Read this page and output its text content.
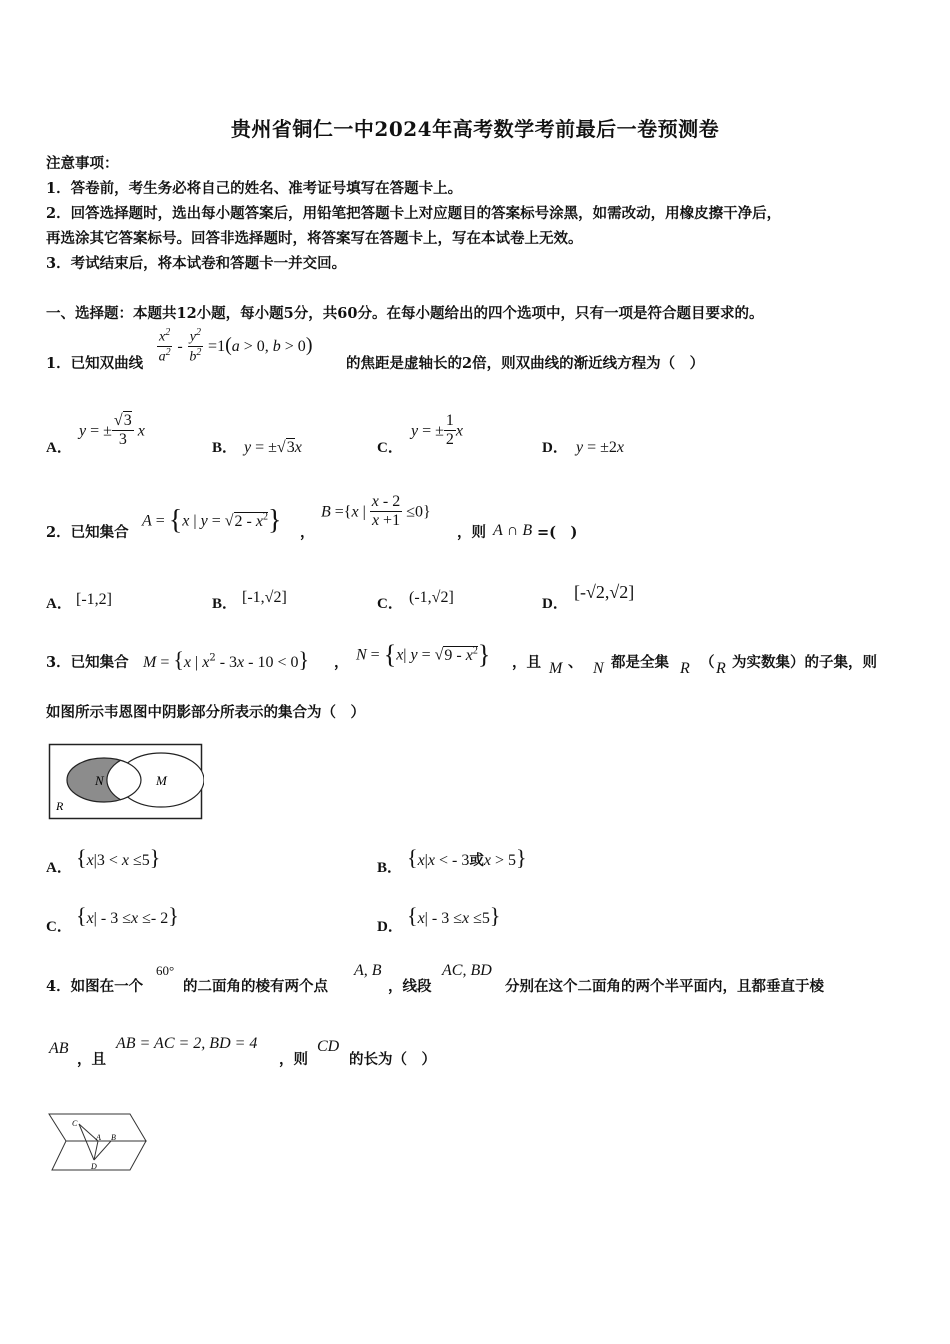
贵州省铜仁一中2024年高考数学考前最后一卷预测卷
注意事项：
1．答卷前，考生务必将自己的姓名、准考证号填写在答题卡上。
2．回答选择题时，选出每小题答案后，用铅笔把答题卡上对应题目的答案标号涂黑，如需改动，用橡皮擦干净后，
再选涂其它答案标号。回答非选择题时，将答案写在答题卡上，写在本试卷上无效。
3．考试结束后，将本试卷和答题卡一并交回。
一、选择题：本题共12小题，每小题5分，共60分。在每小题给出的四个选项中，只有一项是符合题目要求的。
1．已知双曲线 $\frac{x^2}{a^2} - \frac{y^2}{b^2} =1(a > 0$, b > 0)
的焦距是虚轴长的2倍，则双曲线的渐近线方程为（　）
A．
y = ± $\frac{√3}{3}$ x
B． y = ±√3x	C．
y = ± $\frac{1}{2}$ x
D． y = ±2x
2．已知集合
A = {x | $y = √2 - x^2$} ，
B ={x | $\frac{x - 2}{x +1} \le 0$}
，则 A ∩ B =(　)
A． [-1,2]	B． [-1,√2]	C． (-1,√2]	D．
[-√2,√2]
3．已知集合 M = {x | $x^2 - 3x - 10 < 0$} ， N = {x| $y = √9 - x^2$} ，且 M 、 N 都是全集 R （ R 为实数集）的子集，则
如图所示韦恩图中阴影部分所表示的集合为（　）
N	M
R
A． {x|3 < x ≤5}	B． {x|x < - 3或x > 5}
C． {x| - 3 ≤x ≤- 2}	D． {x| - 3 ≤x ≤5}
4．如图在一个
60°
的二面角的棱有两个点
A, B
，线段
AC, BD
分别在这个二面角的两个半平面内，且都垂直于棱
AB
，且
AB = AC = 2, BD = 4
，则
CD
的长为（　）
C
A B
D
